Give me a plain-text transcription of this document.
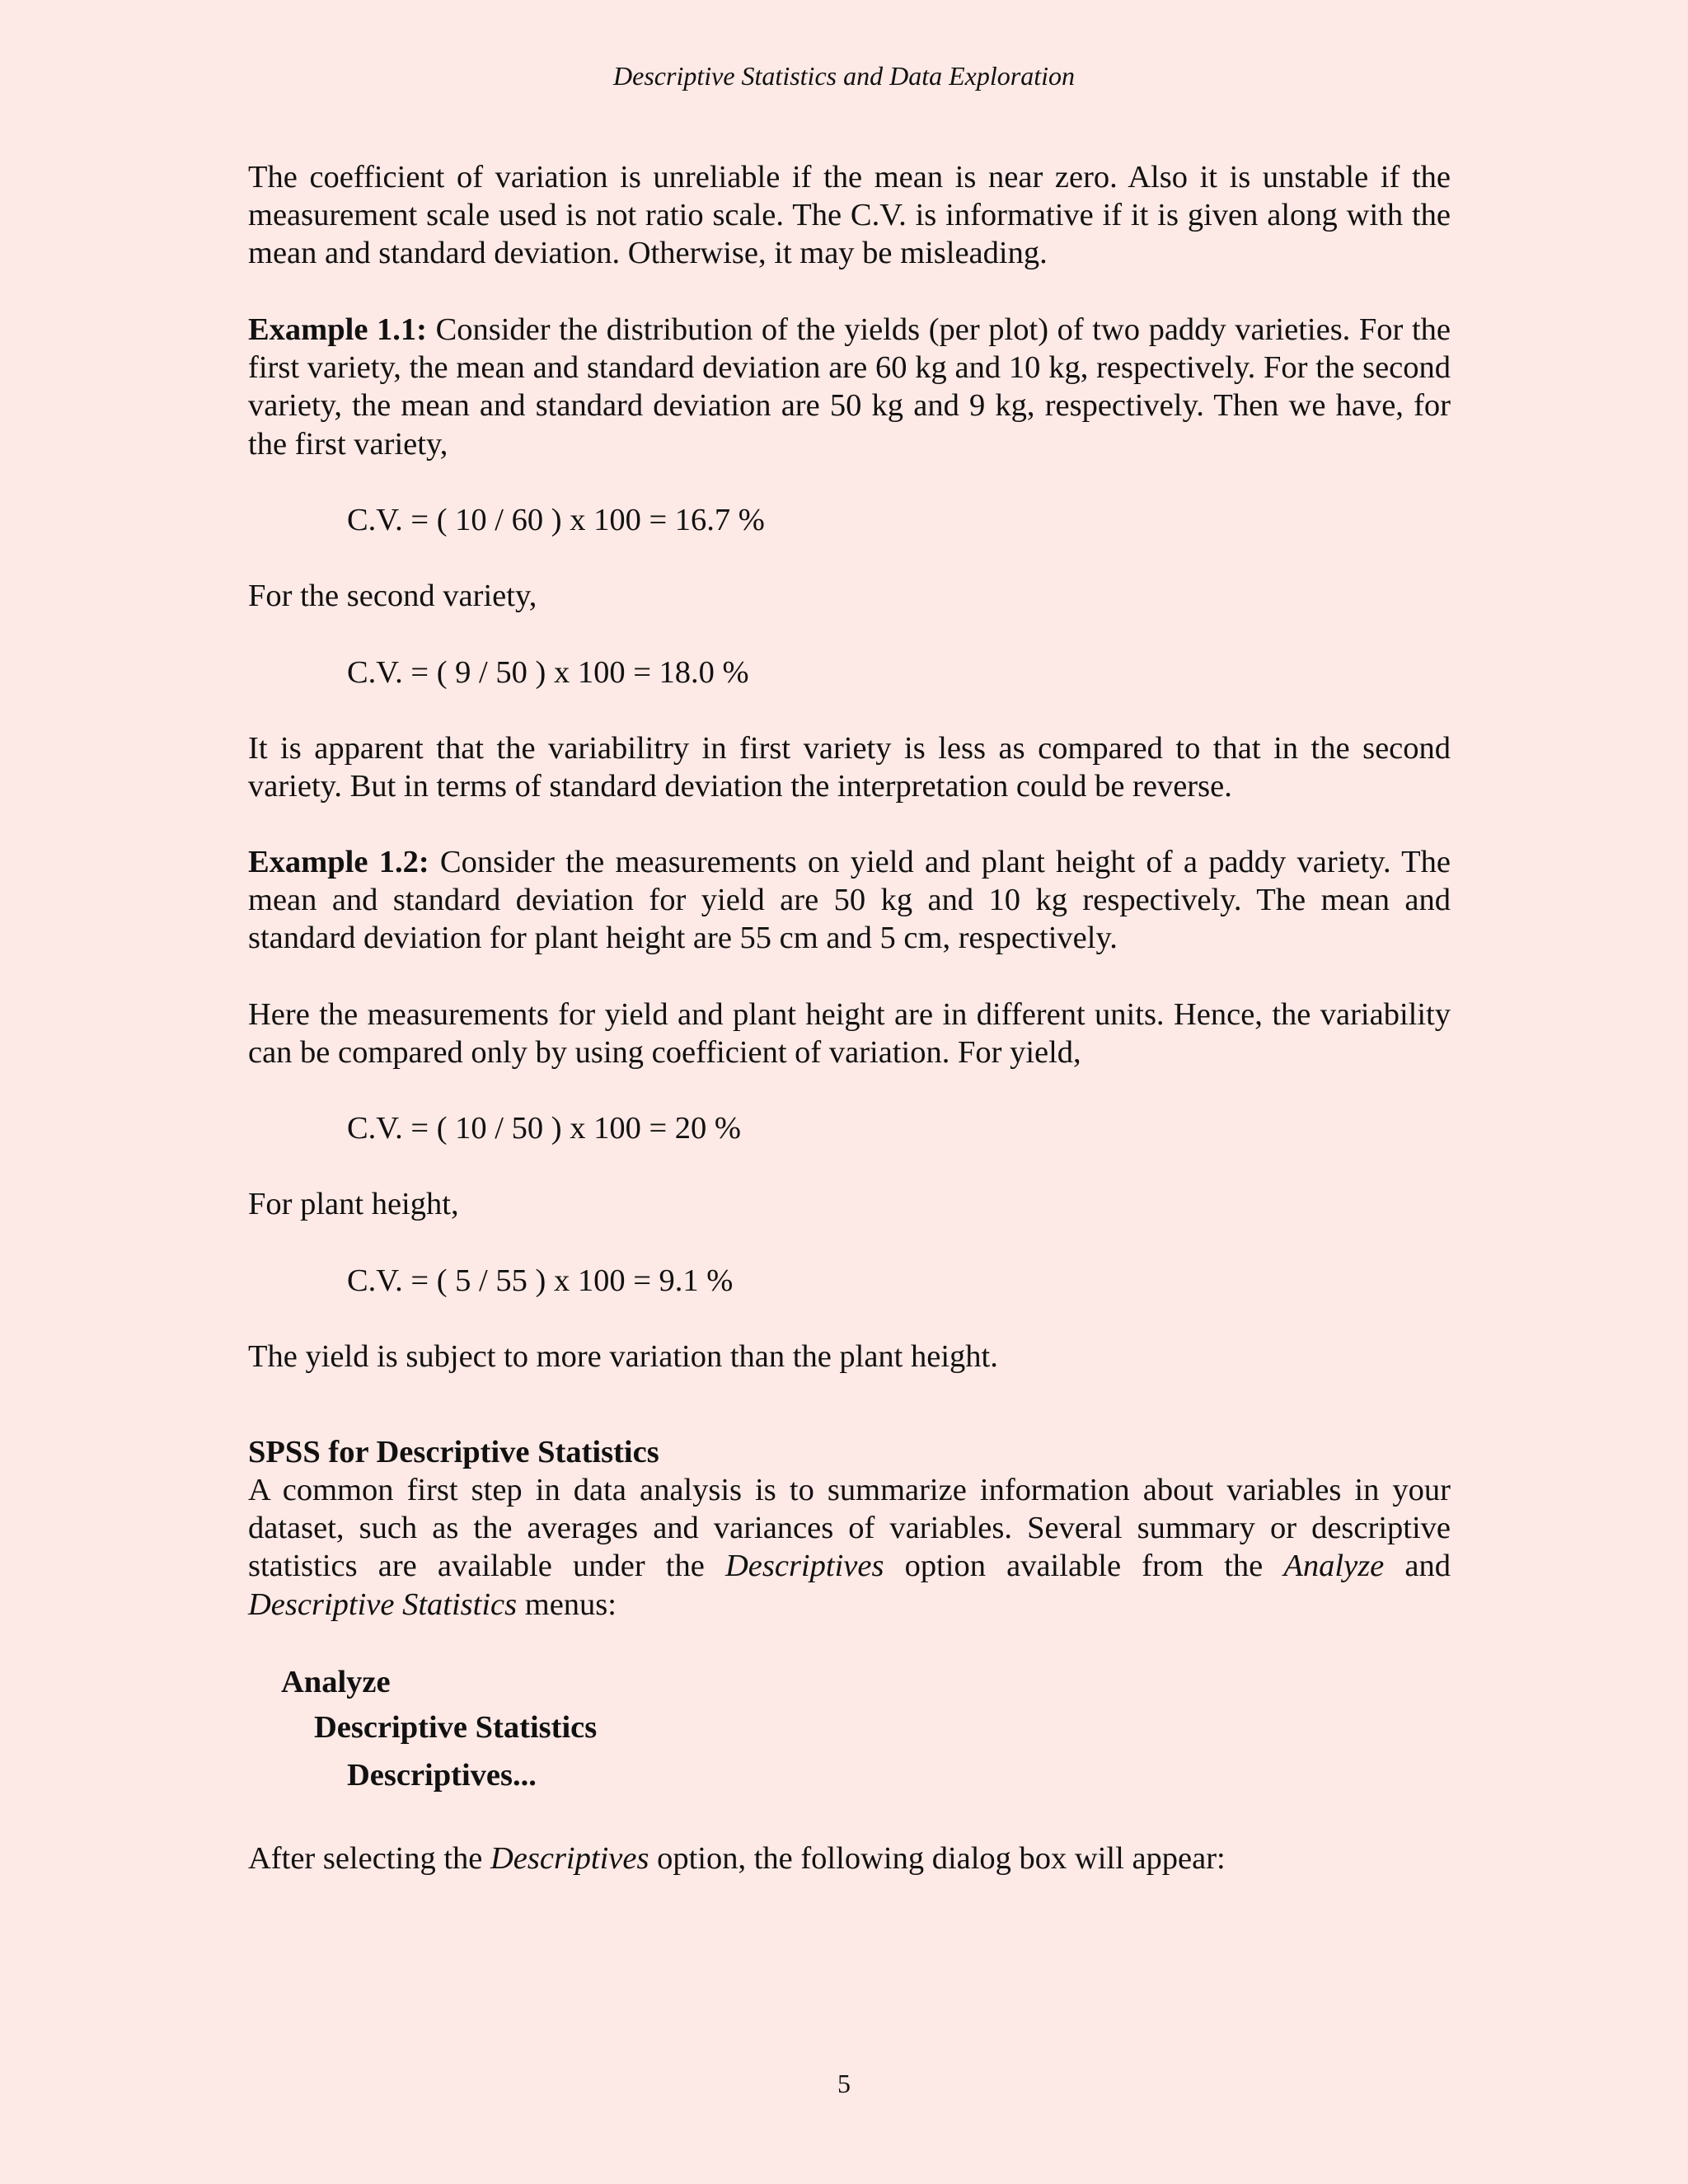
Descriptive Statistics and Data Exploration
The coefficient of variation is unreliable if the mean is near zero. Also it is unstable if the measurement scale used is not ratio scale. The C.V. is informative if it is given along with the mean and standard deviation. Otherwise, it may be misleading.
Example 1.1: Consider the distribution of the yields (per plot) of two paddy varieties. For the first variety, the mean and standard deviation are 60 kg and 10 kg, respectively. For the second variety, the mean and standard deviation are 50 kg and 9 kg, respectively. Then we have, for the first variety,
C.V. = ( 10 / 60 ) x 100 = 16.7 %
For the second variety,
C.V. = ( 9 / 50 ) x 100 = 18.0 %
It is apparent that the variabilitry in first variety is less as compared to that in the second variety. But in terms of standard deviation the interpretation could be reverse.
Example 1.2: Consider the measurements on yield and plant height of a paddy variety. The mean and standard deviation for yield are 50 kg and 10 kg respectively. The mean and standard deviation for plant height are 55 cm and 5 cm, respectively.
Here the measurements for yield and plant height are in different units. Hence, the variability can be compared only by using coefficient of variation. For yield,
C.V. = ( 10 / 50 ) x 100 = 20 %
For plant height,
C.V. = ( 5 / 55 ) x 100 = 9.1 %
The yield is subject to more variation than the plant height.
SPSS for Descriptive Statistics
A common first step in data analysis is to summarize information about variables in your dataset, such as the averages and variances of variables. Several summary or descriptive statistics are available under the Descriptives option available from the Analyze and Descriptive Statistics menus:
Analyze
Descriptive Statistics
Descriptives...
After selecting the Descriptives option, the following dialog box will appear:
5
